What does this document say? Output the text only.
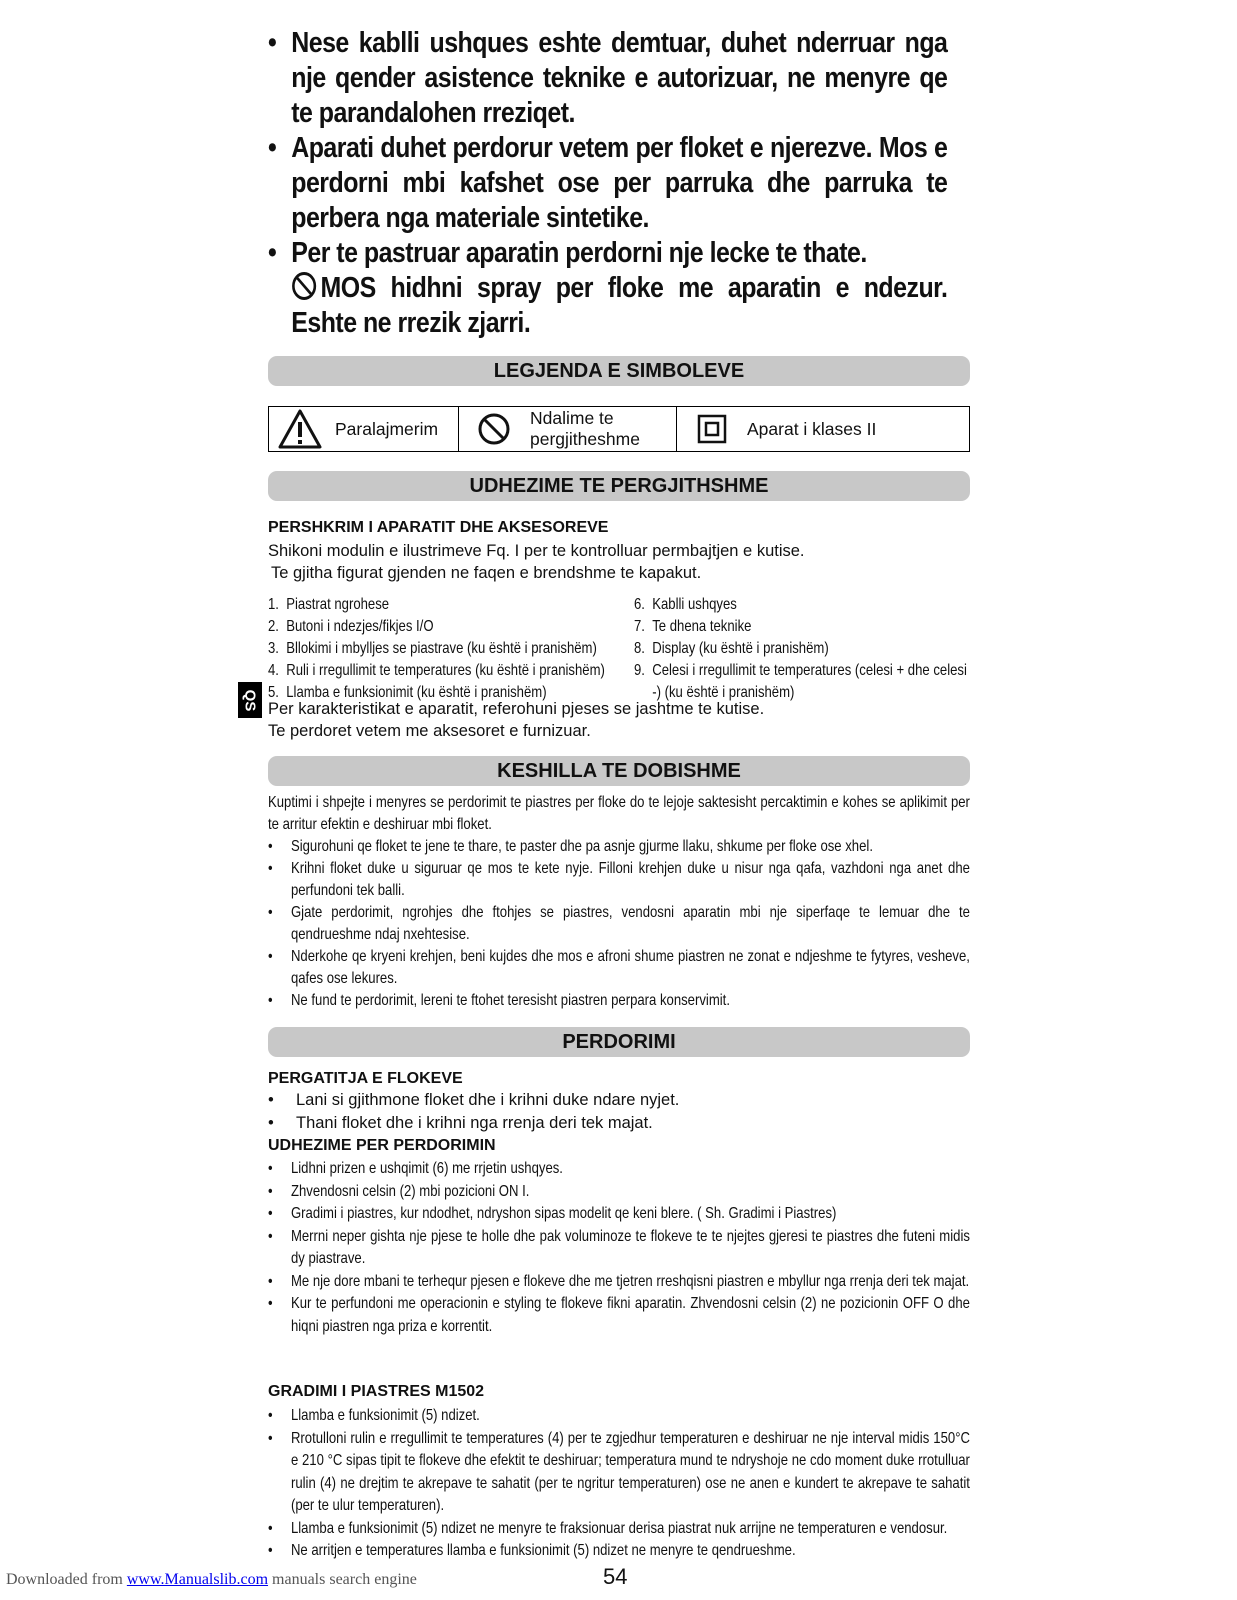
• Nese kablli ushques eshte demtuar, duhet nderruar nga nje qender asistence teknike e autorizuar, ne menyre qe te parandalohen rreziqet.
• Aparati duhet perdorur vetem per floket e njerezve. Mos e perdorni mbi kafshet ose per parruka dhe parruka te perbera nga materiale sintetike.
• Per te pastruar aparatin perdorni nje lecke te thate.
MOS hidhni spray per floke me aparatin e ndezur. Eshte ne rrezik zjarri.
LEGJENDA E SIMBOLEVE
Paralajmerim
Ndalime te pergjitheshme
Aparat i klases II
UDHEZIME TE PERGJITHSHME
PERSHKRIM I APARATIT DHE AKSESOREVE
Shikoni modulin e ilustrimeve Fq. I per te kontrolluar permbajtjen e kutise.
Te gjitha figurat gjenden ne faqen e brendshme te kapakut.
1.  Piastrat ngrohese
2.  Butoni i ndezjes/fikjes I/O
3.  Bllokimi i mbylljes se piastrave (ku është i pranishëm)
4.  Ruli i rregullimit te temperatures (ku është i pranishëm)
5.  Llamba e funksionimit (ku është i pranishëm)
6.  Kablli ushqyes
7.  Te dhena teknike
8.  Display (ku është i pranishëm)
9.  Celesi i rregullimit te temperatures (celesi + dhe celesi
-) (ku është i pranishëm)
QS Per karakteristikat e aparatit, referohuni pjeses se jashtme te kutise.
Te perdoret vetem me aksesoret e furnizuar.
KESHILLA TE DOBISHME
Kuptimi i shpejte i menyres se perdorimit te piastres per floke do te lejoje saktesisht percaktimin e kohes se aplikimit per te arritur efektin e deshiruar mbi floket.
• Sigurohuni qe floket te jene te thare, te paster dhe pa asnje gjurme llaku, shkume per floke ose xhel.
• Krihni floket duke u siguruar qe mos te kete nyje. Filloni krehjen duke u nisur nga qafa, vazhdoni nga anet dhe perfundoni tek balli.
• Gjate perdorimit, ngrohjes dhe ftohjes se piastres, vendosni aparatin mbi nje siperfaqe te lemuar dhe te qendrueshme ndaj nxehtesise.
• Nderkohe qe kryeni krehjen, beni kujdes dhe mos e afroni shume piastren ne zonat e ndjeshme te fytyres, vesheve, qafes ose lekures.
• Ne fund te perdorimit, lereni te ftohet teresisht piastren perpara konservimit.
PERDORIMI
PERGATITJA E FLOKEVE
• Lani si gjithmone floket dhe i krihni duke ndare nyjet.
• Thani floket dhe i krihni nga rrenja deri tek majat.
UDHEZIME PER PERDORIMIN
• Lidhni prizen e ushqimit (6) me rrjetin ushqyes.
• Zhvendosni celsin (2) mbi pozicioni ON I.
• Gradimi i piastres, kur ndodhet, ndryshon sipas modelit qe keni blere. ( Sh. Gradimi i Piastres)
• Merrni neper gishta nje pjese te holle dhe pak voluminoze te flokeve te te njejtes gjeresi te piastres dhe futeni midis dy piastrave.
• Me nje dore mbani te terhequr pjesen e flokeve dhe me tjetren rreshqisni piastren e mbyllur nga rrenja deri tek majat.
• Kur te perfundoni me operacionin e styling te flokeve fikni aparatin. Zhvendosni celsin (2) ne pozicionin OFF O dhe hiqni piastren nga priza e korrentit.
GRADIMI I PIASTRES M1502
• Llamba e funksionimit (5) ndizet.
• Rrotulloni rulin e rregullimit te temperatures (4) per te zgjedhur temperaturen e deshiruar ne nje interval midis 150°C e 210 °C sipas tipit te flokeve dhe efektit te deshiruar; temperatura mund te ndryshoje ne cdo moment duke rrotulluar rulin (4) ne drejtim te akrepave te sahatit (per te ngritur temperaturen) ose ne anen e kundert te akrepave te sahatit (per te ulur temperaturen).
• Llamba e funksionimit (5) ndizet ne menyre te fraksionuar derisa piastrat nuk arrijne ne temperaturen e vendosur.
• Ne arritjen e temperatures llamba e funksionimit (5) ndizet ne menyre te qendrueshme.
Downloaded from www.Manualslib.com manuals search engine	54
